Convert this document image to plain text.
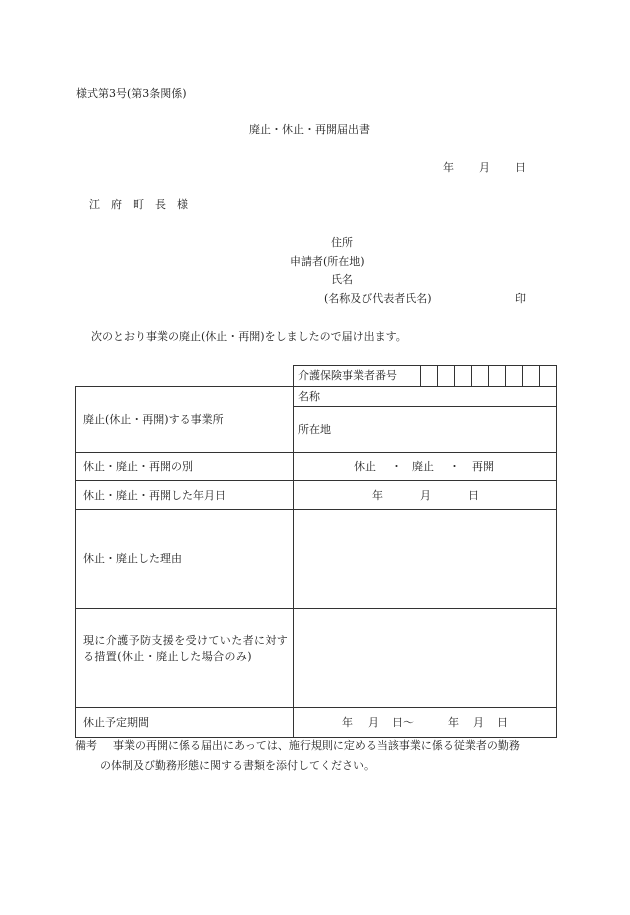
様式第3号(第3条関係)
廃止・休止・再開届出書
年 月 日
江　府　町　長　様
住所
申請者(所在地)
氏名
(名称及び代表者氏名)	印
次のとおり事業の廃止(休止・再開)をしましたので届け出ます。
介護保険事業者番号
廃止(休止・再開)する事業所
名称
所在地
休止・廃止・再開の別	休止 ・ 廃止 ・ 再開
休止・廃止・再開した年月日	年	月	日
休止・廃止した理由
現に介護予防支援を受けていた者に対する措置(休止・廃止した場合のみ)
休止予定期間	年 月 日～	年 月 日
備考 事業の再開に係る届出にあっては、施行規則に定める当該事業に係る従業者の勤務
の体制及び勤務形態に関する書類を添付してください。
